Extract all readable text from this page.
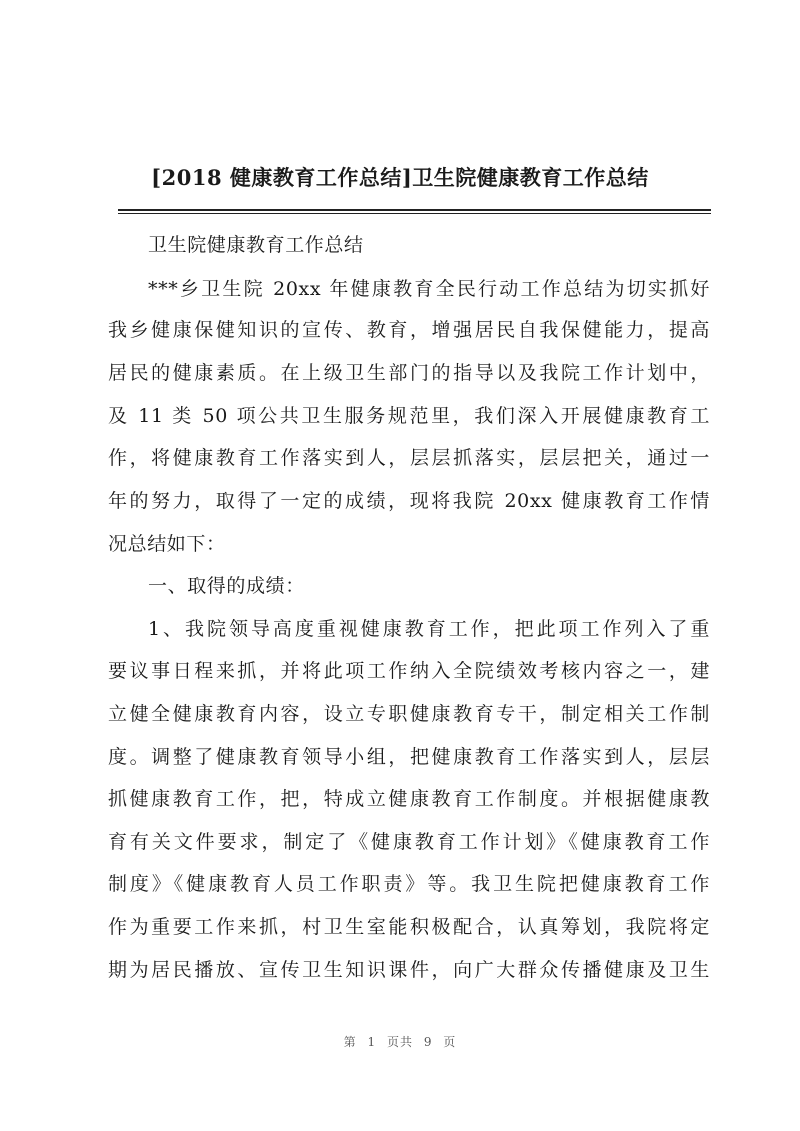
[2018 健康教育工作总结]卫生院健康教育工作总结
卫生院健康教育工作总结
***乡卫生院 20xx 年健康教育全民行动工作总结为切实抓好
我乡健康保健知识的宣传、教育，增强居民自我保健能力，提高
居民的健康素质。在上级卫生部门的指导以及我院工作计划中，
及 11 类 50 项公共卫生服务规范里，我们深入开展健康教育工
作，将健康教育工作落实到人，层层抓落实，层层把关，通过一
年的努力，取得了一定的成绩，现将我院 20xx 健康教育工作情
况总结如下：
一、取得的成绩：
1、我院领导高度重视健康教育工作，把此项工作列入了重
要议事日程来抓，并将此项工作纳入全院绩效考核内容之一，建
立健全健康教育内容，设立专职健康教育专干，制定相关工作制
度。调整了健康教育领导小组，把健康教育工作落实到人，层层
抓健康教育工作，把，特成立健康教育工作制度。并根据健康教
育有关文件要求，制定了《健康教育工作计划》《健康教育工作
制度》《健康教育人员工作职责》等。我卫生院把健康教育工作
作为重要工作来抓，村卫生室能积极配合，认真筹划，我院将定
期为居民播放、宣传卫生知识课件，向广大群众传播健康及卫生
第 1 页共 9 页
